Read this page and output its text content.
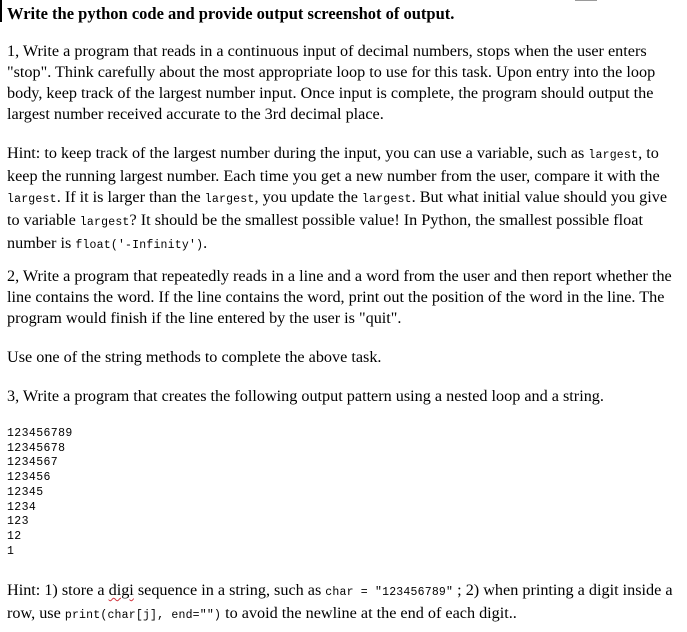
Write the python code and provide output screenshot of output.

1, Write a program that reads in a continuous input of decimal numbers, stops when the user enters "stop". Think carefully about the most appropriate loop to use for this task. Upon entry into the loop body, keep track of the largest number input. Once input is complete, the program should output the largest number received accurate to the 3rd decimal place.

Hint: to keep track of the largest number during the input, you can use a variable, such as largest, to keep the running largest number. Each time you get a new number from the user, compare it with the largest. If it is larger than the largest, you update the largest. But what initial value should you give to variable largest? It should be the smallest possible value! In Python, the smallest possible float number is float('-Infinity').

2, Write a program that repeatedly reads in a line and a word from the user and then report whether the line contains the word. If the line contains the word, print out the position of the word in the line. The program would finish if the line entered by the user is "quit".

Use one of the string methods to complete the above task.

3, Write a program that creates the following output pattern using a nested loop and a string.

123456789
12345678
1234567
123456
12345
1234
123
12
1

Hint: 1) store a digi sequence in a string, such as char = "123456789" ; 2) when printing a digit inside a row, use print(char[j], end="") to avoid the newline at the end of each digit..
